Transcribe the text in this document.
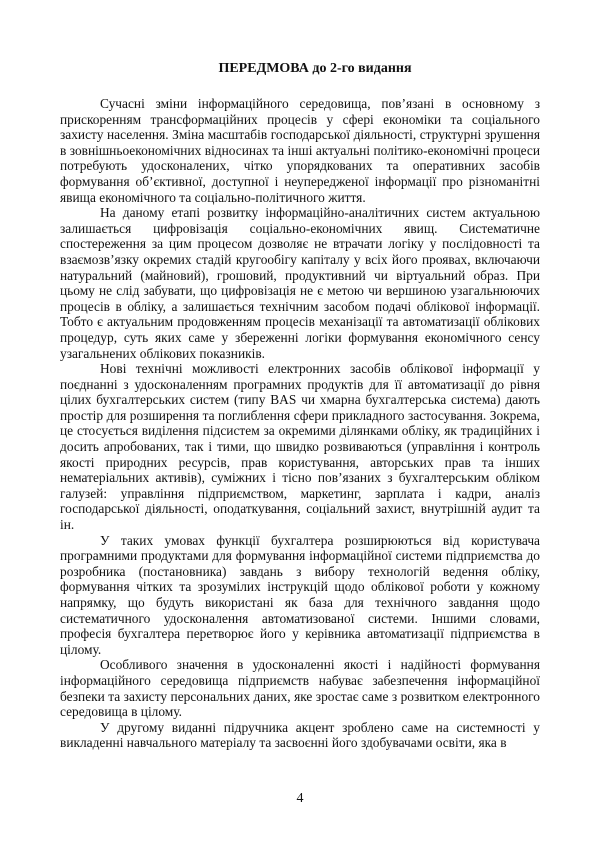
ПЕРЕДМОВА до 2-го видання

Сучасні зміни інформаційного середовища, пов’язані в основному з прискоренням трансформаційних процесів у сфері економіки та соціального захисту населення. Зміна масштабів господарської діяльності, структурні зрушення в зовнішньоекономічних відносинах та інші актуальні політико-економічні процеси потребують удосконалених, чітко упорядкованих та оперативних засобів формування об’єктивної, доступної і неупередженої інформації про різноманітні явища економічного та соціально-політичного життя.

На даному етапі розвитку інформаційно-аналітичних систем актуальною залишається цифровізація соціально-економічних явищ. Систематичне спостереження за цим процесом дозволяє не втрачати логіку у послідовності та взаємозв’язку окремих стадій кругообігу капіталу у всіх його проявах, включаючи натуральний (майновий), грошовий, продуктивний чи віртуальний образ. При цьому не слід забувати, що цифровізація не є метою чи вершиною узагальнюючих процесів в обліку, а залишається технічним засобом подачі облікової інформації. Тобто є актуальним продовженням процесів механізації та автоматизації облікових процедур, суть яких саме у збереженні логіки формування економічного сенсу узагальнених облікових показників.

Нові технічні можливості електронних засобів облікової інформації у поєднанні з удосконаленням програмних продуктів для її автоматизації до рівня цілих бухгалтерських систем (типу BAS чи хмарна бухгалтерська система) дають простір для розширення та поглиблення сфери прикладного застосування. Зокрема, це стосується виділення підсистем за окремими ділянками обліку, як традиційних і досить апробованих, так і тими, що швидко розвиваються (управління і контроль якості природних ресурсів, прав користування, авторських прав та інших нематеріальних активів), суміжних і тісно пов’язаних з бухгалтерським обліком галузей: управління підприємством, маркетинг, зарплата і кадри, аналіз господарської діяльності, оподаткування, соціальний захист, внутрішній аудит та ін.

У таких умовах функції бухгалтера розширюються від користувача програмними продуктами для формування інформаційної системи підприємства до розробника (постановника) завдань з вибору технологій ведення обліку, формування чітких та зрозумілих інструкцій щодо облікової роботи у кожному напрямку, що будуть використані як база для технічного завдання щодо систематичного удосконалення автоматизованої системи. Іншими словами, професія бухгалтера перетворює його у керівника автоматизації підприємства в цілому.

Особливого значення в удосконаленні якості і надійності формування інформаційного середовища підприємств набуває забезпечення інформаційної безпеки та захисту персональних даних, яке зростає саме з розвитком електронного середовища в цілому.

У другому виданні підручника акцент зроблено саме на системності у викладенні навчального матеріалу та засвоєнні його здобувачами освіти, яка в

4
